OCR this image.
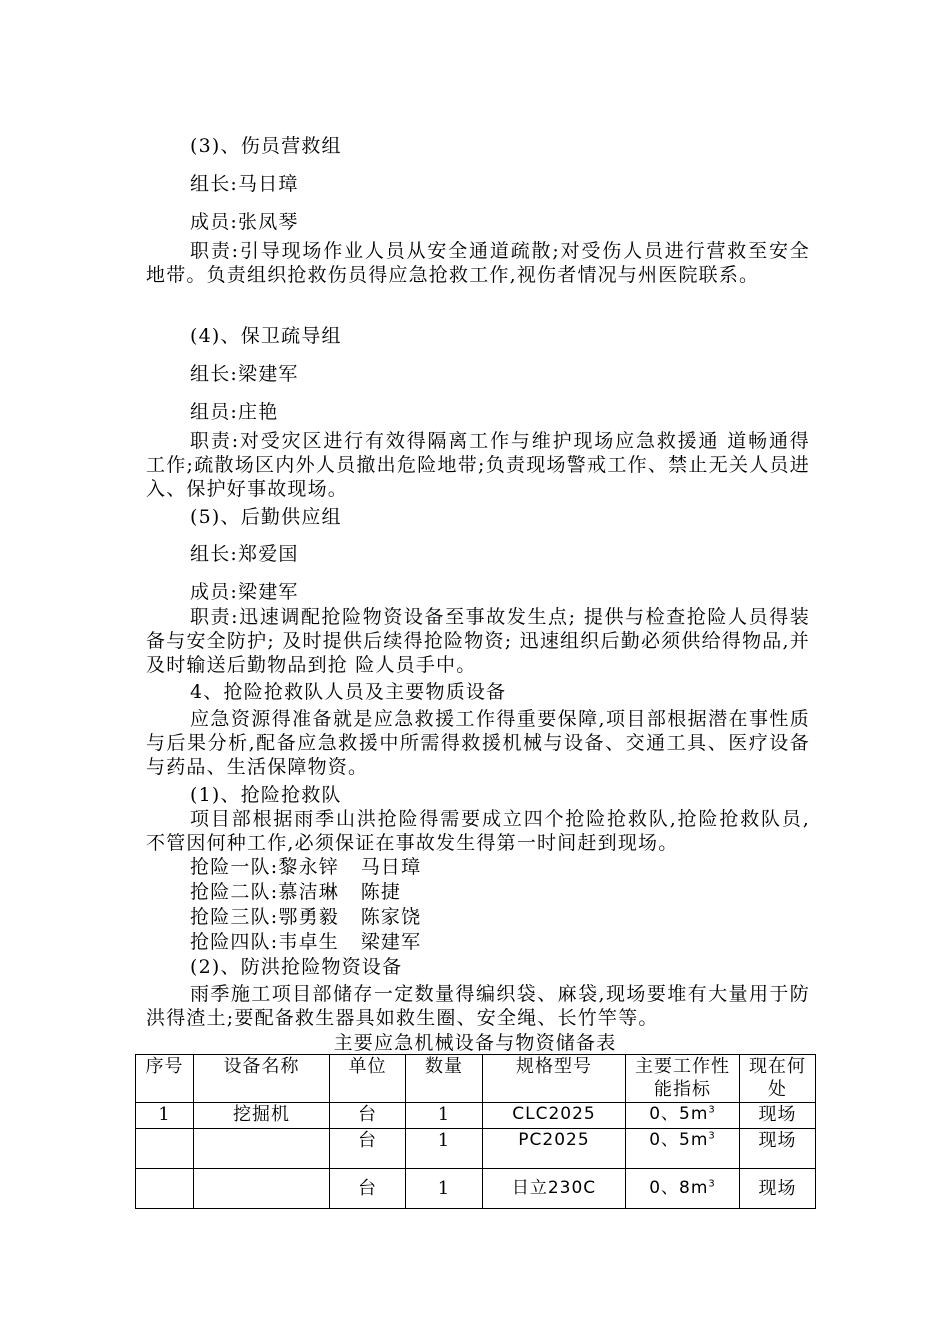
(3)、伤员营救组
组长:马日璋
成员:张凤琴
职责:引导现场作业人员从安全通道疏散;对受伤人员进行营救至安全地带。负责组织抢救伤员得应急抢救工作,视伤者情况与州医院联系。
(4)、保卫疏导组
组长:梁建军
组员:庄艳
职责:对受灾区进行有效得隔离工作与维护现场应急救援通 道畅通得工作;疏散场区内外人员撤出危险地带;负责现场警戒工作、禁止无关人员进入、保护好事故现场。
(5)、后勤供应组
组长:郑爱国
成员:梁建军
职责:迅速调配抢险物资设备至事故发生点; 提供与检查抢险人员得装备与安全防护; 及时提供后续得抢险物资; 迅速组织后勤必须供给得物品,并及时输送后勤物品到抢 险人员手中。
4、抢险抢救队人员及主要物质设备
应急资源得准备就是应急救援工作得重要保障,项目部根据潜在事性质与后果分析,配备应急救援中所需得救援机械与设备、交通工具、医疗设备与药品、生活保障物资。
(1)、抢险抢救队
项目部根据雨季山洪抢险得需要成立四个抢险抢救队,抢险抢救队员,不管因何种工作,必须保证在事故发生得第一时间赶到现场。
抢险一队:黎永锌   马日璋
抢险二队:慕洁琳   陈捷
抢险三队:鄂勇毅   陈家饶
抢险四队:韦卓生   梁建军
(2)、防洪抢险物资设备
雨季施工项目部储存一定数量得编织袋、麻袋,现场要堆有大量用于防洪得渣土;要配备救生器具如救生圈、安全绳、长竹竿等。
主要应急机械设备与物资储备表
序号	设备名称	单位	数量	规格型号	主要工作性能指标	现在何处
1	挖掘机	台	1	CLC2025	0、$5m^3$	现场
		台	1	PC2025	0、$5m^3$	现场
		台	1	日立230C	0、$8m^3$	现场
